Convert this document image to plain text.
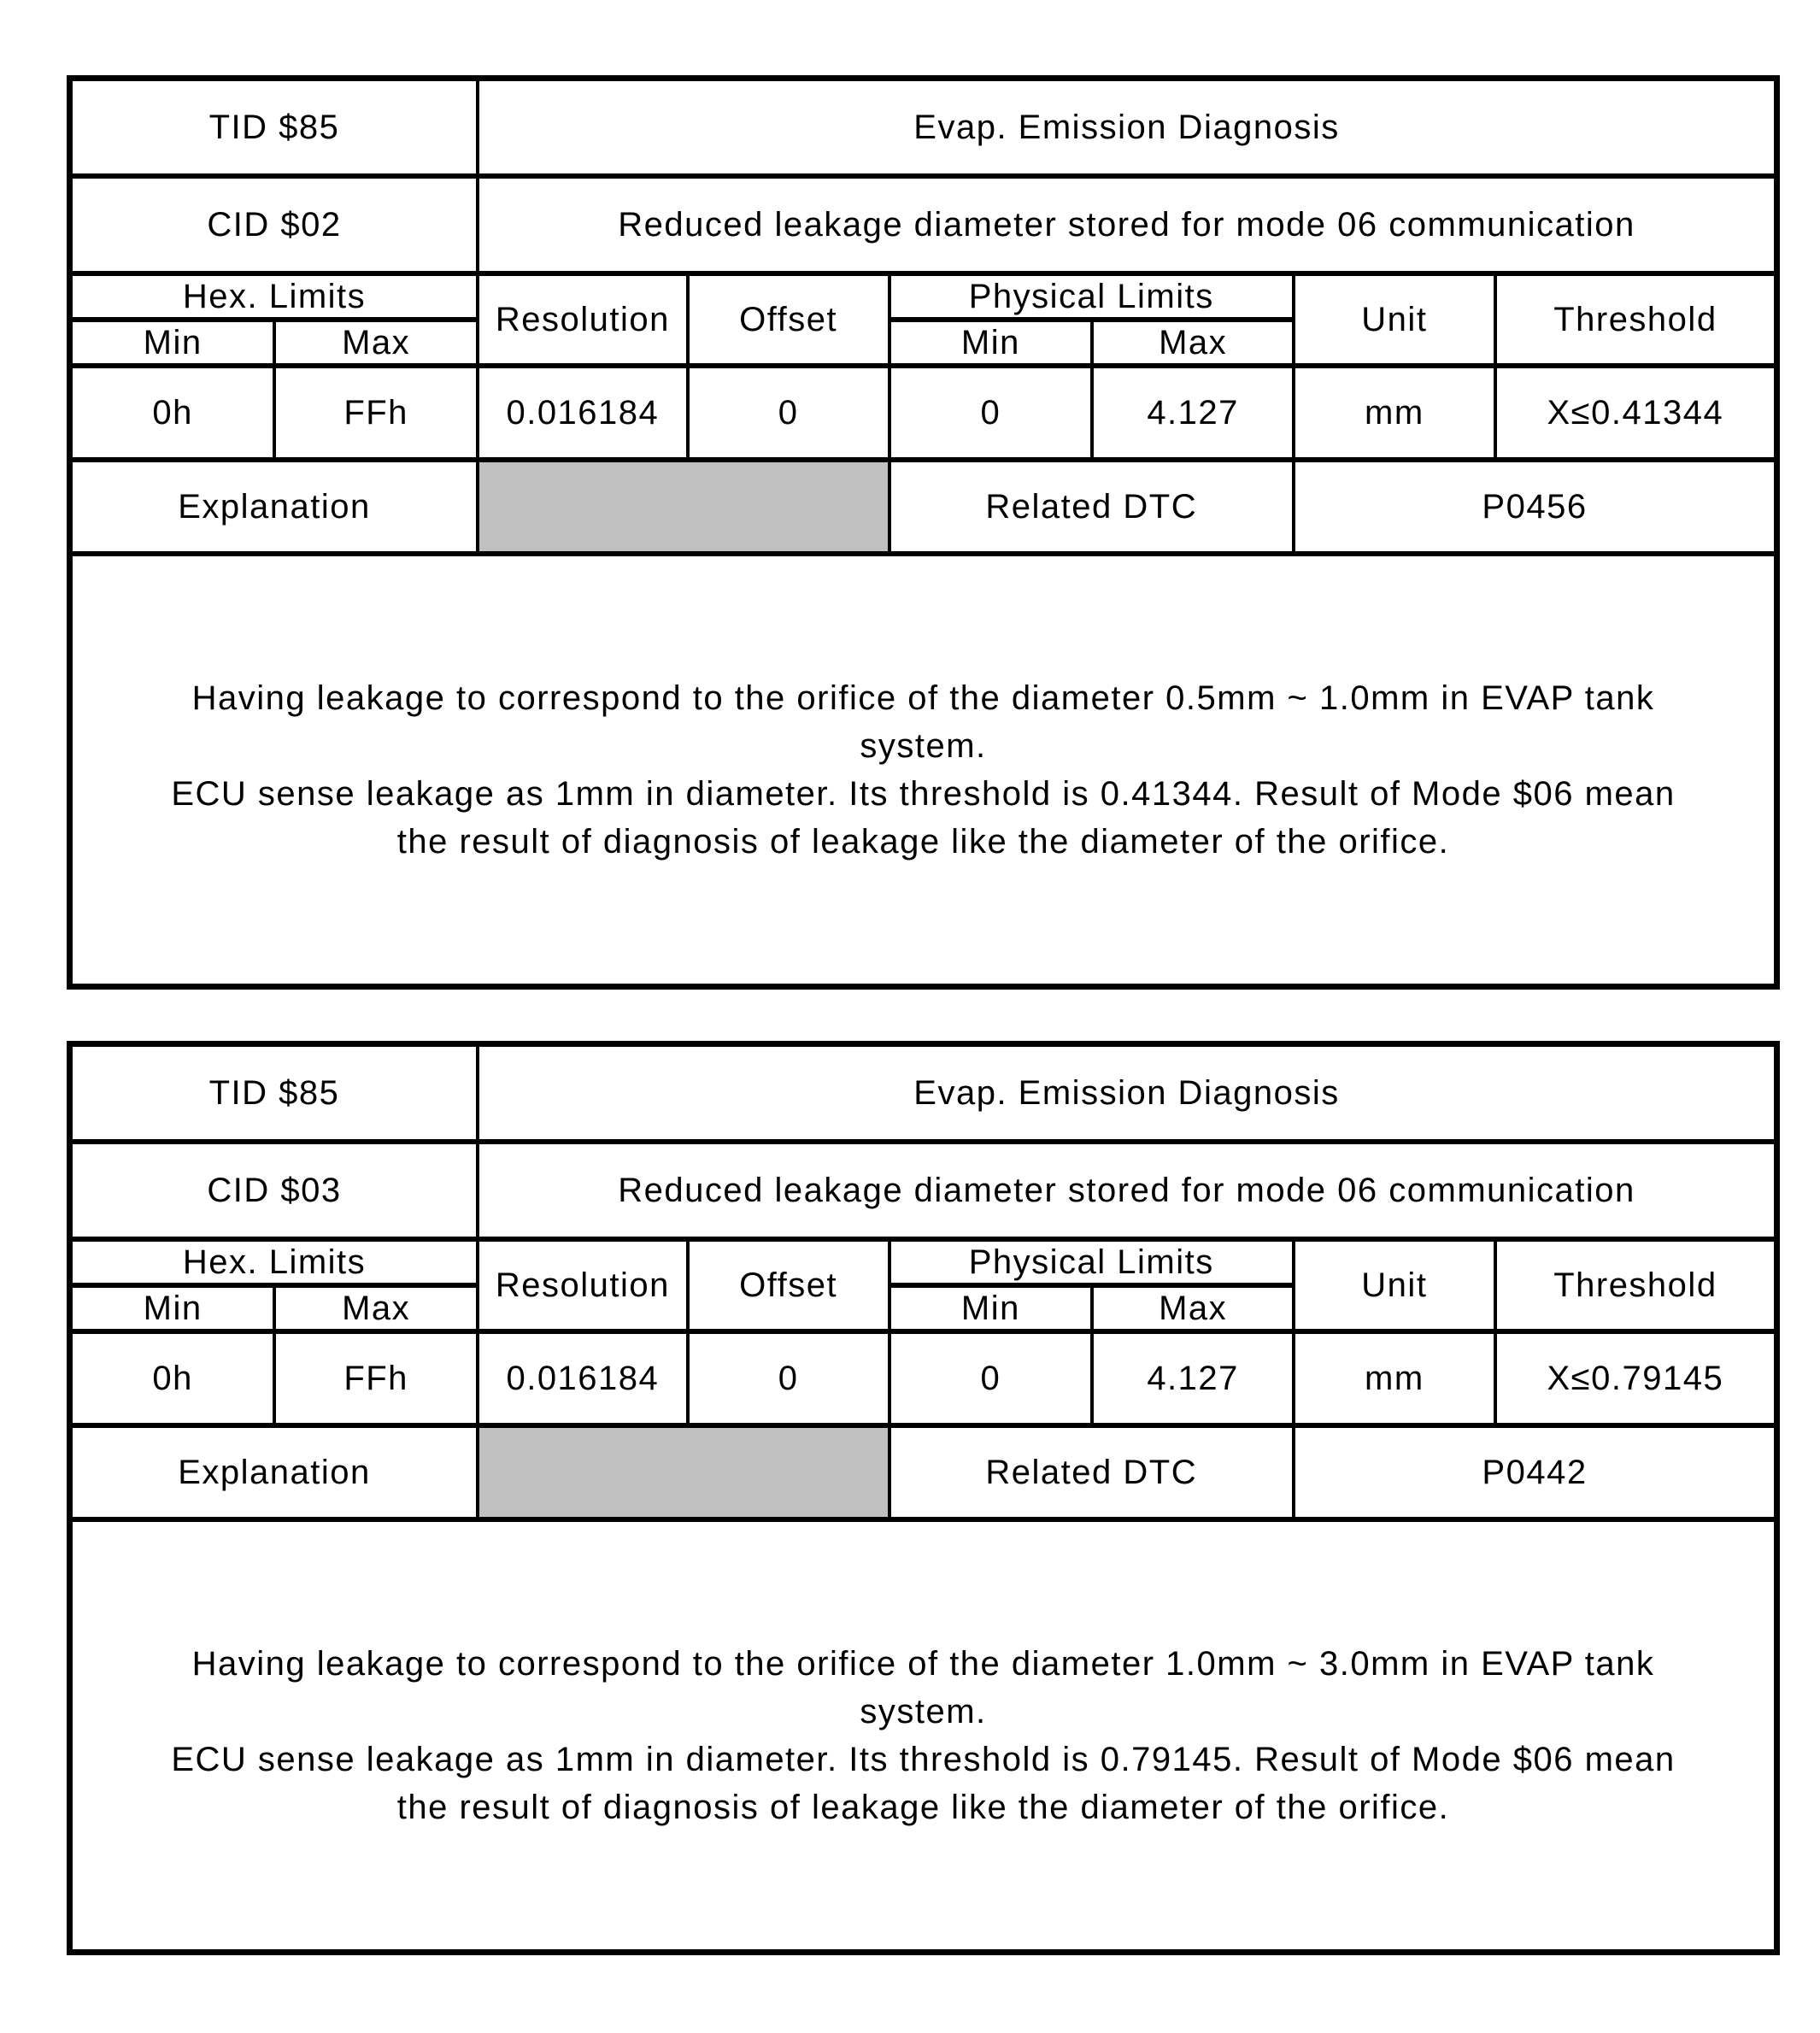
TID $85		Evap. Emission Diagnosis					
CID $02		Reduced leakage diameter stored for mode 06 communication					
Hex. Limits		Resolution	Offset	Physical Limits		Unit	Threshold
Min	Max			Min	Max		
0h	FFh	0.016184	0	0	4.127	mm	X≤0.41344
Explanation				Related DTC		P0456	

Having leakage to correspond to the orifice of the diameter 0.5mm ~ 1.0mm in EVAP tank
system.
ECU sense leakage as 1mm in diameter. Its threshold is 0.41344. Result of Mode $06 mean
the result of diagnosis of leakage like the diameter of the orifice.							
TID $85		Evap. Emission Diagnosis					
CID $03		Reduced leakage diameter stored for mode 06 communication					
Hex. Limits		Resolution	Offset	Physical Limits		Unit	Threshold
Min	Max			Min	Max		
0h	FFh	0.016184	0	0	4.127	mm	X≤0.79145
Explanation				Related DTC		P0442	

Having leakage to correspond to the orifice of the diameter 1.0mm ~ 3.0mm in EVAP tank
system.
ECU sense leakage as 1mm in diameter. Its threshold is 0.79145. Result of Mode $06 mean
the result of diagnosis of leakage like the diameter of the orifice.							
